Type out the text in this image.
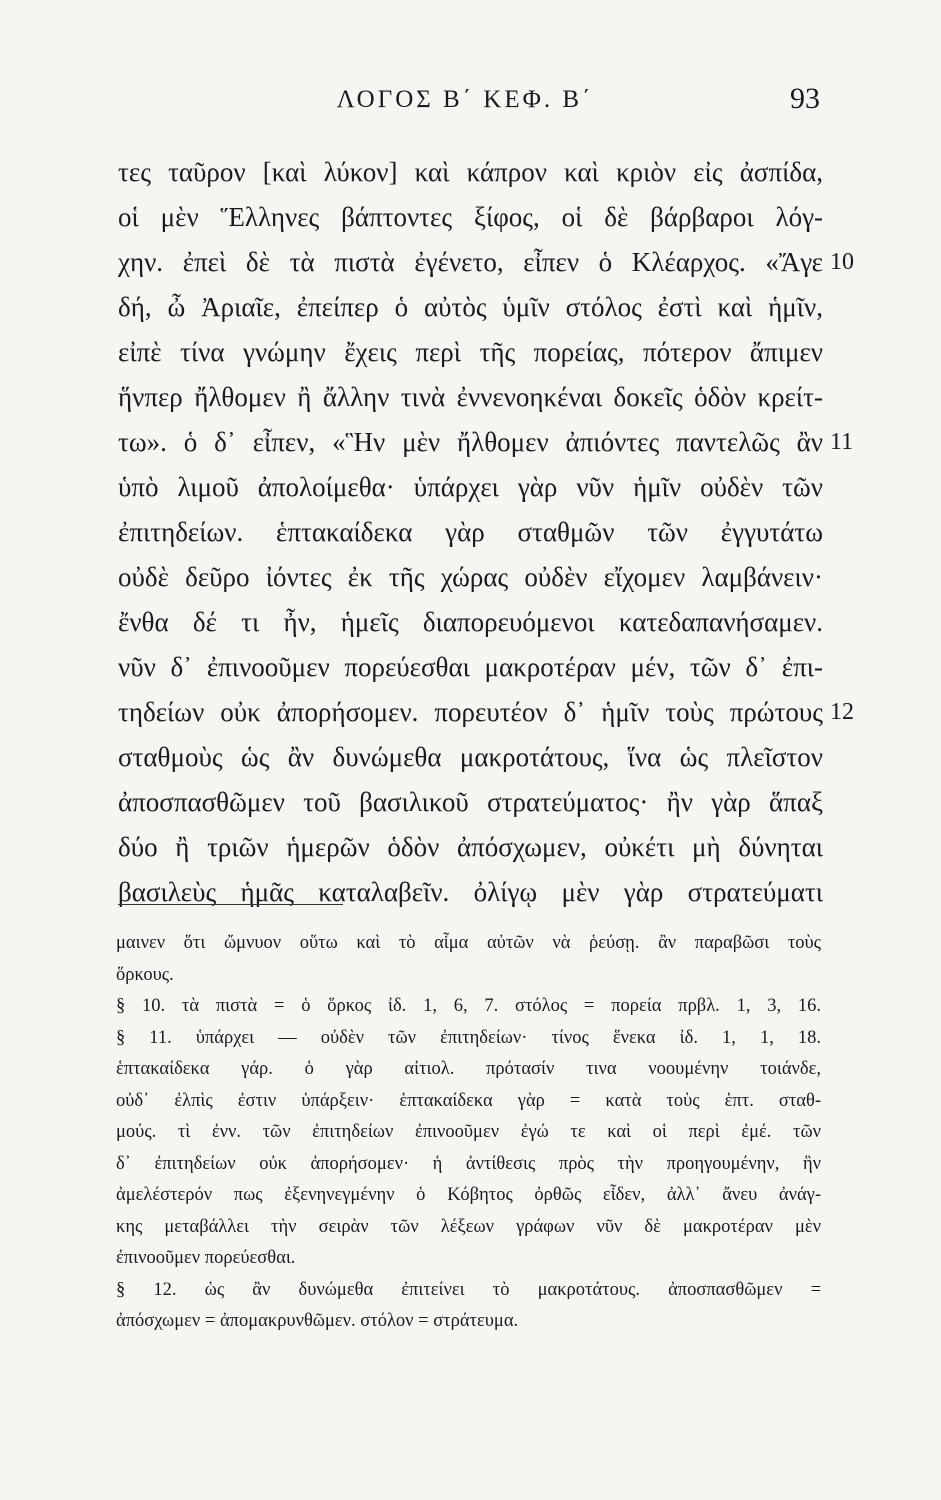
ΛΟΓΟΣ Β΄ ΚΕΦ. Β΄	93
τες ταῦρον [καὶ λύκον] καὶ κάπρον καὶ κριὸν εἰς ἀσπίδα,
οἱ μὲν Ἕλληνες βάπτοντες ξίφος, οἱ δὲ βάρβαροι λόγ-
χην. ἐπεὶ δὲ τὰ πιστὰ ἐγένετο, εἶπεν ὁ Κλέαρχος. «Ἄγε 10
δή, ὦ Ἀριαῖε, ἐπείπερ ὁ αὐτὸς ὑμῖν στόλος ἐστὶ καὶ ἡμῖν,
εἰπὲ τίνα γνώμην ἔχεις περὶ τῆς πορείας, πότερον ἄπιμεν
ἥνπερ ἤλθομεν ἢ ἄλλην τινὰ ἐννενοηκέναι δοκεῖς ὁδὸν κρείτ-
τω». ὁ δ᾽ εἶπεν, «Ἣν μὲν ἤλθομεν ἀπιόντες παντελῶς ἂν 11
ὑπὸ λιμοῦ ἀπολοίμεθα· ὑπάρχει γὰρ νῦν ἡμῖν οὐδὲν τῶν
ἐπιτηδείων. ἑπτακαίδεκα γὰρ σταθμῶν τῶν ἐγγυτάτω
οὐδὲ δεῦρο ἰόντες ἐκ τῆς χώρας οὐδὲν εἴχομεν λαμβάνειν·
ἔνθα δέ τι ἦν, ἡμεῖς διαπορευόμενοι κατεδαπανήσαμεν.
νῦν δ᾽ ἐπινοοῦμεν πορεύεσθαι μακροτέραν μέν, τῶν δ᾽ ἐπι-
τηδείων οὐκ ἀπορήσομεν. πορευτέον δ᾽ ἡμῖν τοὺς πρώτους 12
σταθμοὺς ὡς ἂν δυνώμεθα μακροτάτους, ἵνα ὡς πλεῖστον
ἀποσπασθῶμεν τοῦ βασιλικοῦ στρατεύματος· ἢν γὰρ ἅπαξ
δύο ἢ τριῶν ἡμερῶν ὁδὸν ἀπόσχωμεν, οὐκέτι μὴ δύνηται
βασιλεὺς ἡμᾶς καταλαβεῖν. ὀλίγῳ μὲν γὰρ στρατεύματι
μαινεν ὅτι ὤμνυον οὕτω καὶ τὸ αἷμα αὐτῶν νὰ ῥεύσῃ. ἂν παραβῶσι τοὺς
ὅρκους.
§ 10. τὰ πιστὰ = ὁ ὅρκος ἰδ. 1, 6, 7. στόλος = πορεία πρβλ. 1, 3, 16.
§ 11. ὑπάρχει — οὐδὲν τῶν ἐπιτηδείων· τίνος ἕνεκα ἰδ. 1, 1, 18.
ἑπτακαίδεκα γάρ. ὁ γὰρ αἰτιολ. πρότασίν τινα νοουμένην τοιάνδε,
οὐδ᾽ ἐλπὶς ἐστιν ὑπάρξειν· ἑπτακαίδεκα γὰρ = κατὰ τοὺς ἑπτ. σταθ-
μούς. τὶ ἐνν. τῶν ἐπιτηδείων ἐπινοοῦμεν ἐγώ τε καὶ οἱ περὶ ἐμέ. τῶν
δ᾽ ἐπιτηδείων οὐκ ἀπορήσομεν· ἡ ἀντίθεσις πρὸς τὴν προηγουμένην, ἣν
ἀμελέστερόν πως ἐξενηνεγμένην ὁ Κόβητος ὀρθῶς εἶδεν, ἀλλ᾽ ἄνευ ἀνάγ-
κης μεταβάλλει τὴν σειρὰν τῶν λέξεων γράφων νῦν δὲ μακροτέραν μὲν
ἐπινοοῦμεν πορεύεσθαι.
§ 12. ὡς ἂν δυνώμεθα ἐπιτείνει τὸ μακροτάτους. ἀποσπασθῶμεν =
ἀπόσχωμεν = ἀπομακρυνθῶμεν. στόλον = στράτευμα.
